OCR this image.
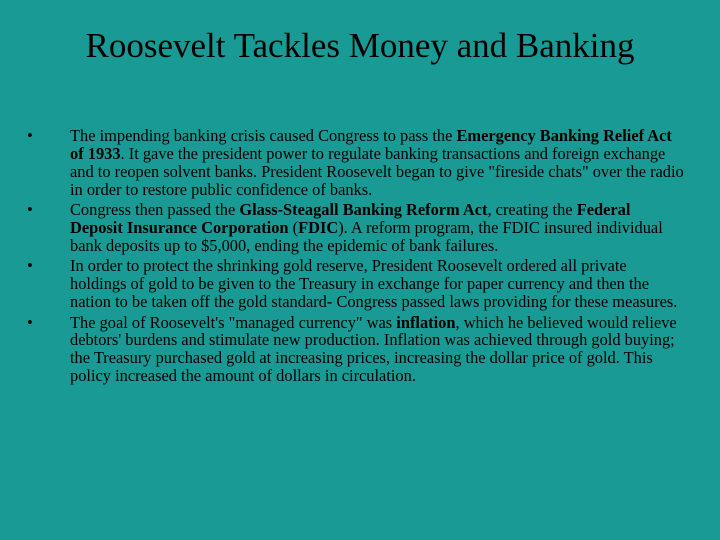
Roosevelt Tackles Money and Banking
• The impending banking crisis caused Congress to pass the Emergency Banking Relief Act of 1933. It gave the president power to regulate banking transactions and foreign exchange and to reopen solvent banks. President Roosevelt began to give "fireside chats" over the radio in order to restore public confidence of banks.
• Congress then passed the Glass-Steagall Banking Reform Act, creating the Federal Deposit Insurance Corporation (FDIC). A reform program, the FDIC insured individual bank deposits up to $5,000, ending the epidemic of bank failures.
• In order to protect the shrinking gold reserve, President Roosevelt ordered all private holdings of gold to be given to the Treasury in exchange for paper currency and then the nation to be taken off the gold standard- Congress passed laws providing for these measures.
• The goal of Roosevelt's "managed currency" was inflation, which he believed would relieve debtors' burdens and stimulate new production. Inflation was achieved through gold buying; the Treasury purchased gold at increasing prices, increasing the dollar price of gold. This policy increased the amount of dollars in circulation.
